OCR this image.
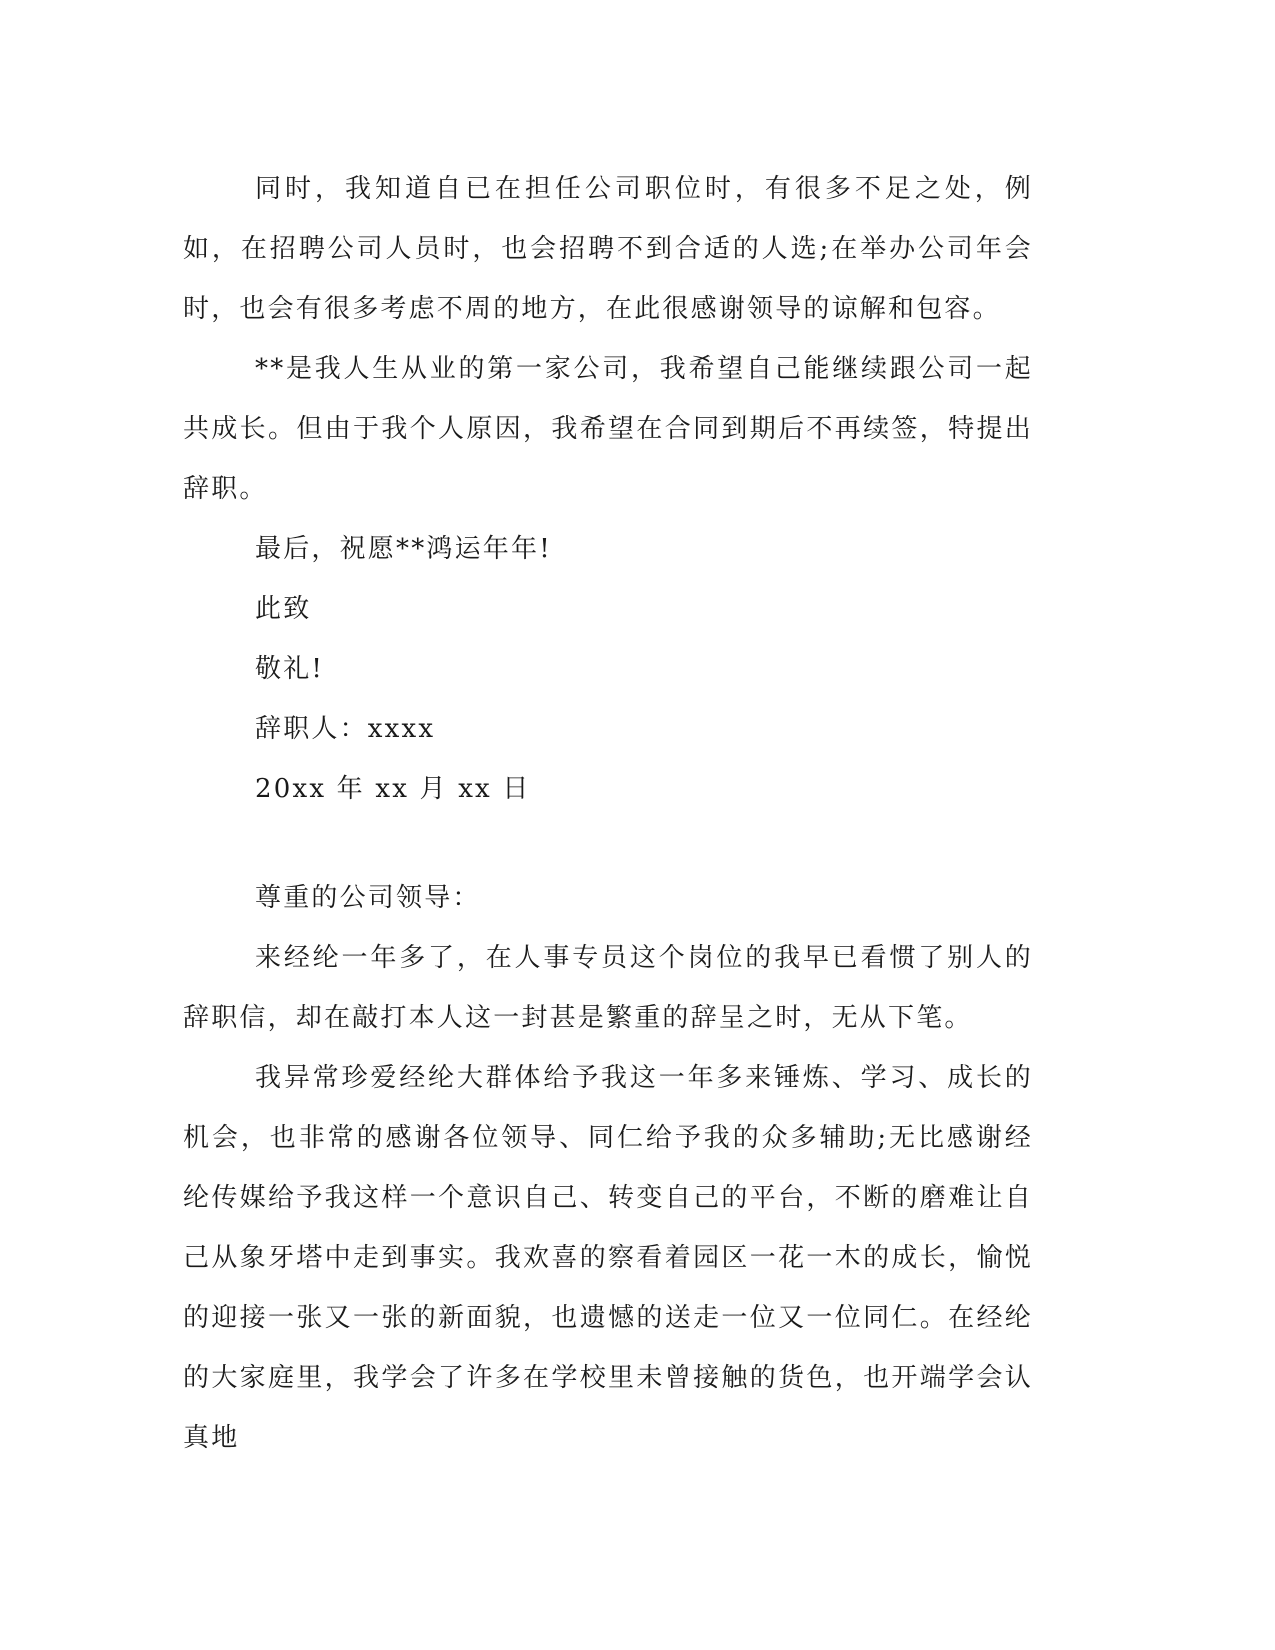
同时，我知道自已在担任公司职位时，有很多不足之处，例如，在招聘公司人员时，也会招聘不到合适的人选;在举办公司年会时，也会有很多考虑不周的地方，在此很感谢领导的谅解和包容。

**是我人生从业的第一家公司，我希望自己能继续跟公司一起共成长。但由于我个人原因，我希望在合同到期后不再续签，特提出辞职。

最后，祝愿**鸿运年年!

此致

敬礼!

辞职人：xxxx

20xx 年 xx 月 xx 日

尊重的公司领导：

来经纶一年多了，在人事专员这个岗位的我早已看惯了别人的辞职信，却在敲打本人这一封甚是繁重的辞呈之时，无从下笔。

我异常珍爱经纶大群体给予我这一年多来锤炼、学习、成长的机会，也非常的感谢各位领导、同仁给予我的众多辅助;无比感谢经纶传媒给予我这样一个意识自己、转变自己的平台，不断的磨难让自己从象牙塔中走到事实。我欢喜的察看着园区一花一木的成长，愉悦的迎接一张又一张的新面貌，也遗憾的送走一位又一位同仁。在经纶的大家庭里，我学会了许多在学校里未曾接触的货色，也开端学会认真地
